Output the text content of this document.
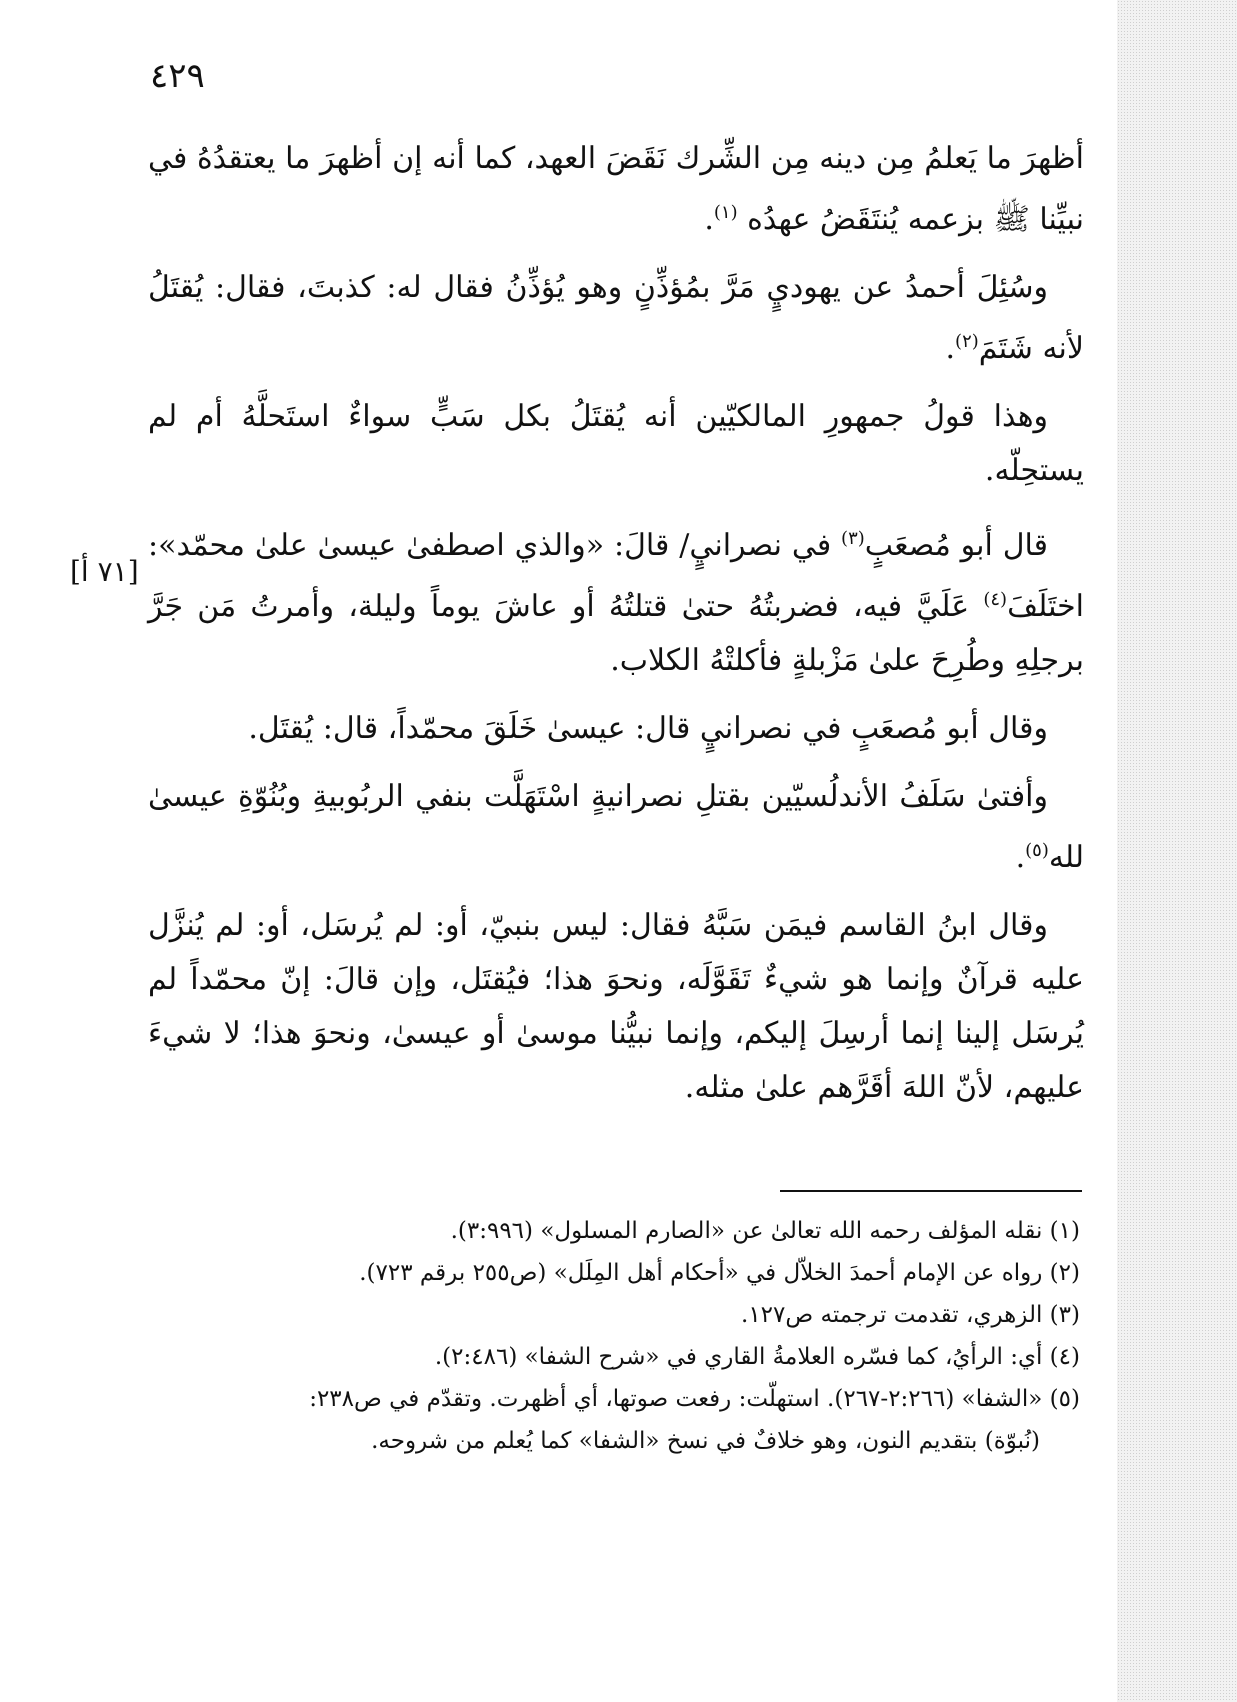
٤٢٩
[٧١ أ]

أظهرَ ما يَعلمُ مِن دينه مِن الشِّرك نَقَضَ العهد، كما أنه إن أظهرَ ما يعتقدُهُ في نبيِّنا ﷺ بزعمه يُنتَقَضُ عهدُه $^{(١)}$.

وسُئِلَ أحمدُ عن يهوديٍ مَرَّ بمُؤذِّنٍ وهو يُؤذِّنُ فقال له: كذبتَ، فقال: يُقتَلُ لأنه شَتَمَ$^{(٢)}$.

وهذا قولُ جمهورِ المالكيّين أنه يُقتَلُ بكل سَبٍّ سواءٌ استَحلَّهُ أم لم يستحِلّه.

قال أبو مُصعَبٍ$^{(٣)}$ في نصرانيٍ/ قالَ: «والذي اصطفىٰ عيسىٰ علىٰ محمّد»: اختَلَفَ$^{(٤)}$ عَلَيَّ فيه، فضربتُهُ حتىٰ قتلتُهُ أو عاشَ يوماً وليلة، وأمرتُ مَن جَرَّ برجلِهِ وطُرِحَ علىٰ مَزْبلةٍ فأكلتْهُ الكلاب.

وقال أبو مُصعَبٍ في نصرانيٍ قال: عيسىٰ خَلَقَ محمّداً، قال: يُقتَل.

وأفتىٰ سَلَفُ الأندلُسيّين بقتلِ نصرانيةٍ اسْتَهَلَّت بنفي الربُوبيةِ وبُنُوّةِ عيسىٰ لله$^{(٥)}$.

وقال ابنُ القاسم فيمَن سَبَّهُ فقال: ليس بنبيّ، أو: لم يُرسَل، أو: لم يُنزَّل عليه قرآنٌ وإنما هو شيءٌ تَقَوَّلَه، ونحوَ هذا؛ فيُقتَل، وإن قالَ: إنّ محمّداً لم يُرسَل إلينا إنما أرسِلَ إليكم، وإنما نبيُّنا موسىٰ أو عيسىٰ، ونحوَ هذا؛ لا شيءَ عليهم، لأنّ اللهَ أقَرَّهم علىٰ مثله.

(١) نقله المؤلف رحمه الله تعالىٰ عن «الصارم المسلول» (٣:٩٩٦).

(٢) رواه عن الإمام أحمدَ الخلاّل في «أحكام أهل المِلَل» (ص٢٥٥ برقم ٧٢٣).

(٣) الزهري، تقدمت ترجمته ص١٢٧.

(٤) أي: الرأيُ، كما فسّره العلامةُ القاري في «شرح الشفا» (٢:٤٨٦).

(٥) «الشفا» (٢:٢٦٦-٢٦٧). استهلّت: رفعت صوتها، أي أظهرت. وتقدّم في ص٢٣٨:

(نُبوّة) بتقديم النون، وهو خلافٌ في نسخ «الشفا» كما يُعلم من شروحه.
